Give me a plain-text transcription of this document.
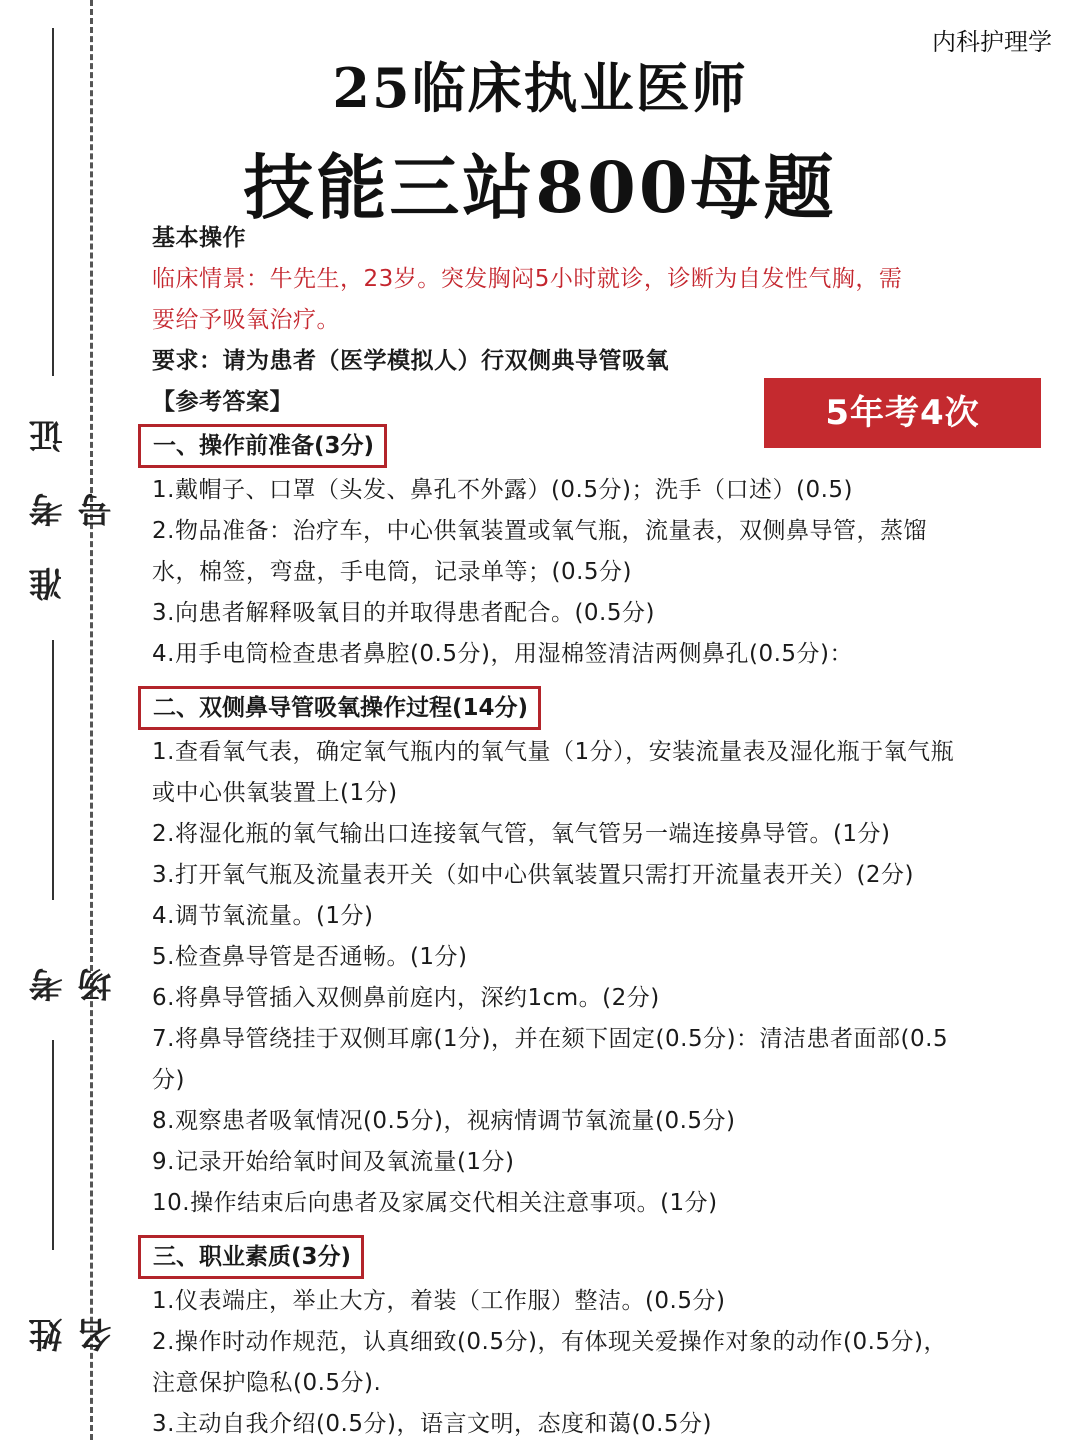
准考证号
考场
姓名
内科护理学
25临床执业医师
技能三站800母题
5年考4次
基本操作
临床情景：牛先生，23岁。突发胸闷5小时就诊，诊断为自发性气胸，需
要给予吸氧治疗。
要求：请为患者（医学模拟人）行双侧典导管吸氧
【参考答案】
一、操作前准备(3分)
1.戴帽子、口罩（头发、鼻孔不外露）(0.5分)；洗手（口述）(0.5)
2.物品准备：治疗车，中心供氧装置或氧气瓶，流量表，双侧鼻导管，蒸馏
水，棉签，弯盘，手电筒，记录单等；(0.5分)
3.向患者解释吸氧目的并取得患者配合。(0.5分)
4.用手电筒检查患者鼻腔(0.5分)，用湿棉签清洁两侧鼻孔(0.5分)：
二、双侧鼻导管吸氧操作过程(14分)
1.查看氧气表，确定氧气瓶内的氧气量（1分），安装流量表及湿化瓶于氧气瓶
或中心供氧装置上(1分)
2.将湿化瓶的氧气输出口连接氧气管，氧气管另一端连接鼻导管。(1分)
3.打开氧气瓶及流量表开关（如中心供氧装置只需打开流量表开关）(2分)
4.调节氧流量。(1分)
5.检查鼻导管是否通畅。(1分)
6.将鼻导管插入双侧鼻前庭内，深约1cm。(2分)
7.将鼻导管绕挂于双侧耳廓(1分)，并在颏下固定(0.5分)：清洁患者面部(0.5
分)
8.观察患者吸氧情况(0.5分)，视病情调节氧流量(0.5分)
9.记录开始给氧时间及氧流量(1分)
10.操作结束后向患者及家属交代相关注意事项。(1分)
三、职业素质(3分)
1.仪表端庄，举止大方，着装（工作服）整洁。(0.5分)
2.操作时动作规范，认真细致(0.5分)，有体现关爱操作对象的动作(0.5分)，
注意保护隐私(0.5分).
3.主动自我介绍(0.5分)，语言文明，态度和蔼(0.5分)
